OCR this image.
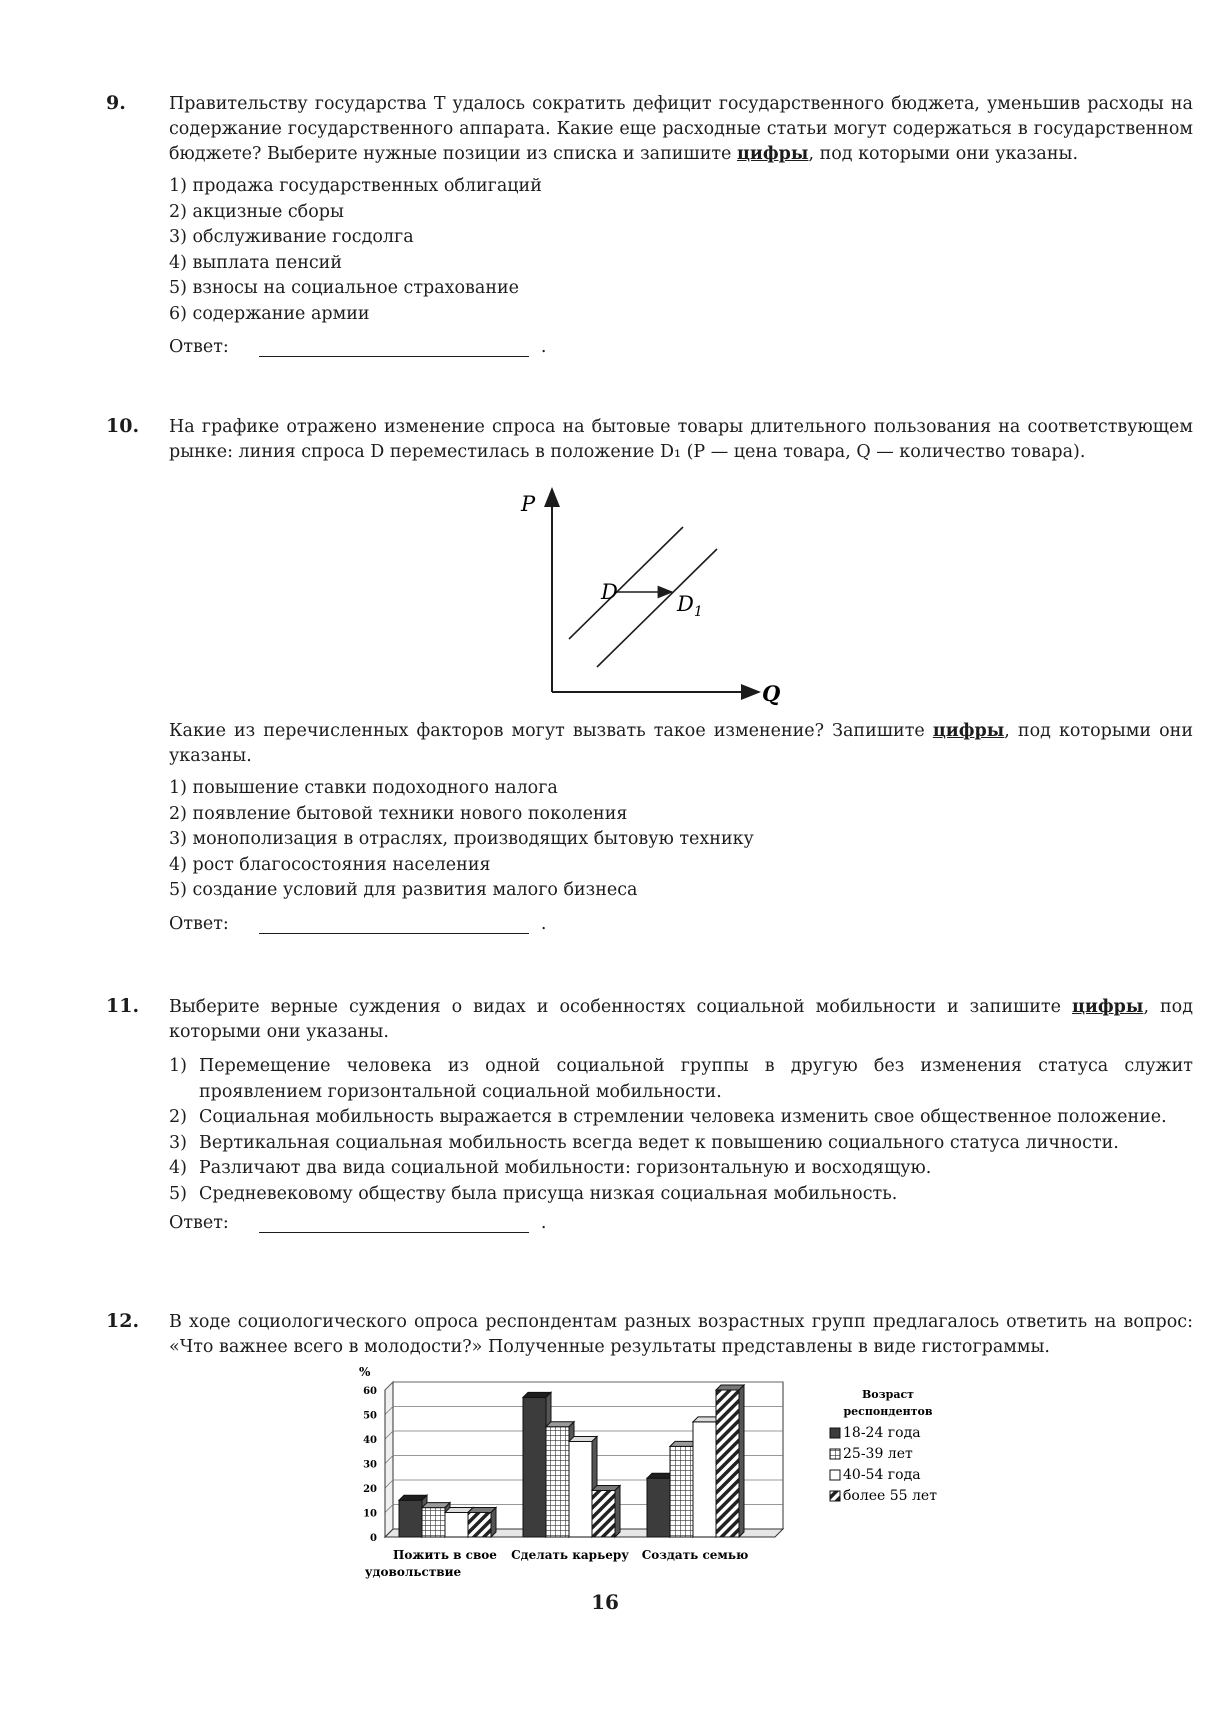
9. Правительству государства Т удалось сократить дефицит государственного бюджета, уменьшив расходы на содержание государственного аппарата. Какие еще расходные статьи могут содержаться в государственном бюджете? Выберите нужные позиции из списка и запишите цифры, под которыми они указаны.

1) продажа государственных облигаций
2) акцизные сборы
3) обслуживание госдолга
4) выплата пенсий
5) взносы на социальное страхование
6) содержание армии
Ответ:	.
10. На графике отражено изменение спроса на бытовые товары длительного пользования на соответствующем рынке: линия спроса D переместилась в положение D₁ (P — цена товара, Q — количество товара).

P
Q
D	$D_1$

Какие из перечисленных факторов могут вызвать такое изменение? Запишите цифры, под которыми они указаны.

1) повышение ставки подоходного налога
2) появление бытовой техники нового поколения
3) монополизация в отраслях, производящих бытовую технику
4) рост благосостояния населения
5) создание условий для развития малого бизнеса
Ответ:	.
11. Выберите верные суждения о видах и особенностях социальной мобильности и запишите цифры, под которыми они указаны.

1) Перемещение человека из одной социальной группы в другую без изменения статуса служит проявлением горизонтальной социальной мобильности.
2) Социальная мобильность выражается в стремлении человека изменить свое общественное положение.
3) Вертикальная социальная мобильность всегда ведет к повышению социального статуса личности.
4) Различают два вида социальной мобильности: горизонтальную и восходящую.
5) Средневековому обществу была присуща низкая социальная мобильность.
Ответ:	.
12. В ходе социологического опроса респондентам разных возрастных групп предлагалось ответить на вопрос: «Что важнее всего в молодости?» Полученные результаты представлены в виде гистограммы.

0
10
20
30
40
50
60
%
Пожить в свое
удовольствие
Сделать карьеру Создать семью
Возраст
респондентов
18-24 года
25-39 лет
40-54 года
более 55 лет
16
